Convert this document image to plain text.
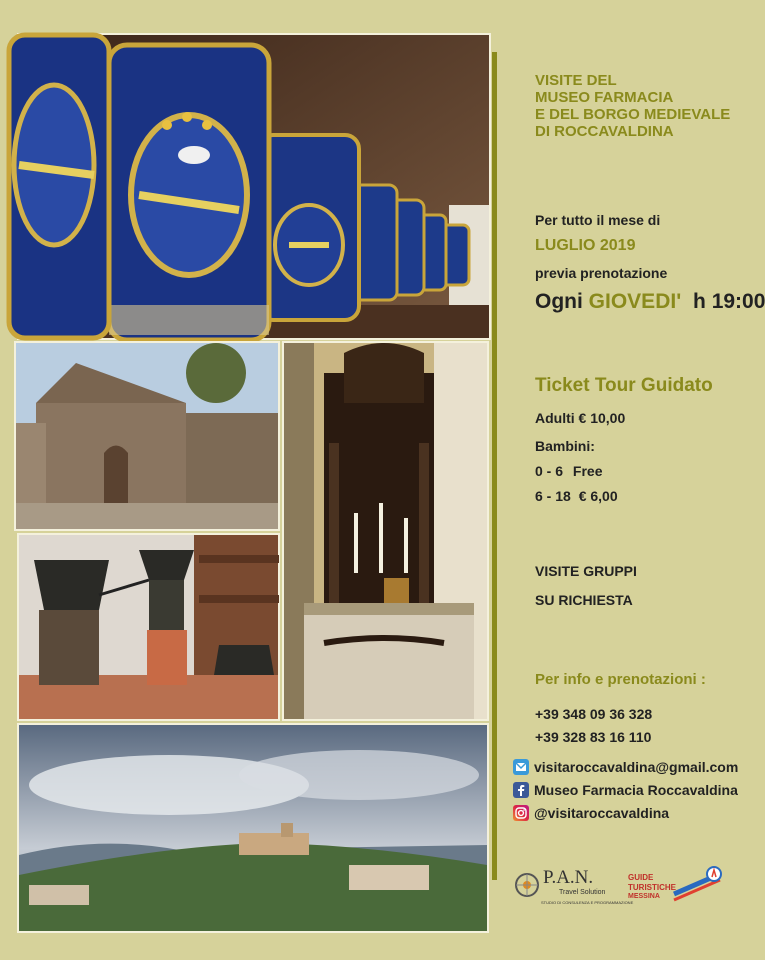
VISITE DEL
MUSEO FARMACIA
E DEL BORGO MEDIEVALE
DI ROCCAVALDINA
Per tutto il mese di
LUGLIO 2019
previa prenotazione
Ogni GIOVEDI' h 19:00
Ticket Tour Guidato
Adulti € 10,00
Bambini:
0 - 6 Free
6 - 18 € 6,00
VISITE GRUPPI
SU RICHIESTA
Per info e prenotazioni :
+39 348 09 36 328
+39 328 83 16 110
visitaroccavaldina@gmail.com
Museo Farmacia Roccavaldina
@visitaroccavaldina
P.A.N.
Travel Solution
STUDIO DI CONSULENZA E PROGRAMMAZIONE
GUIDE
TURISTICHE
MESSINA
